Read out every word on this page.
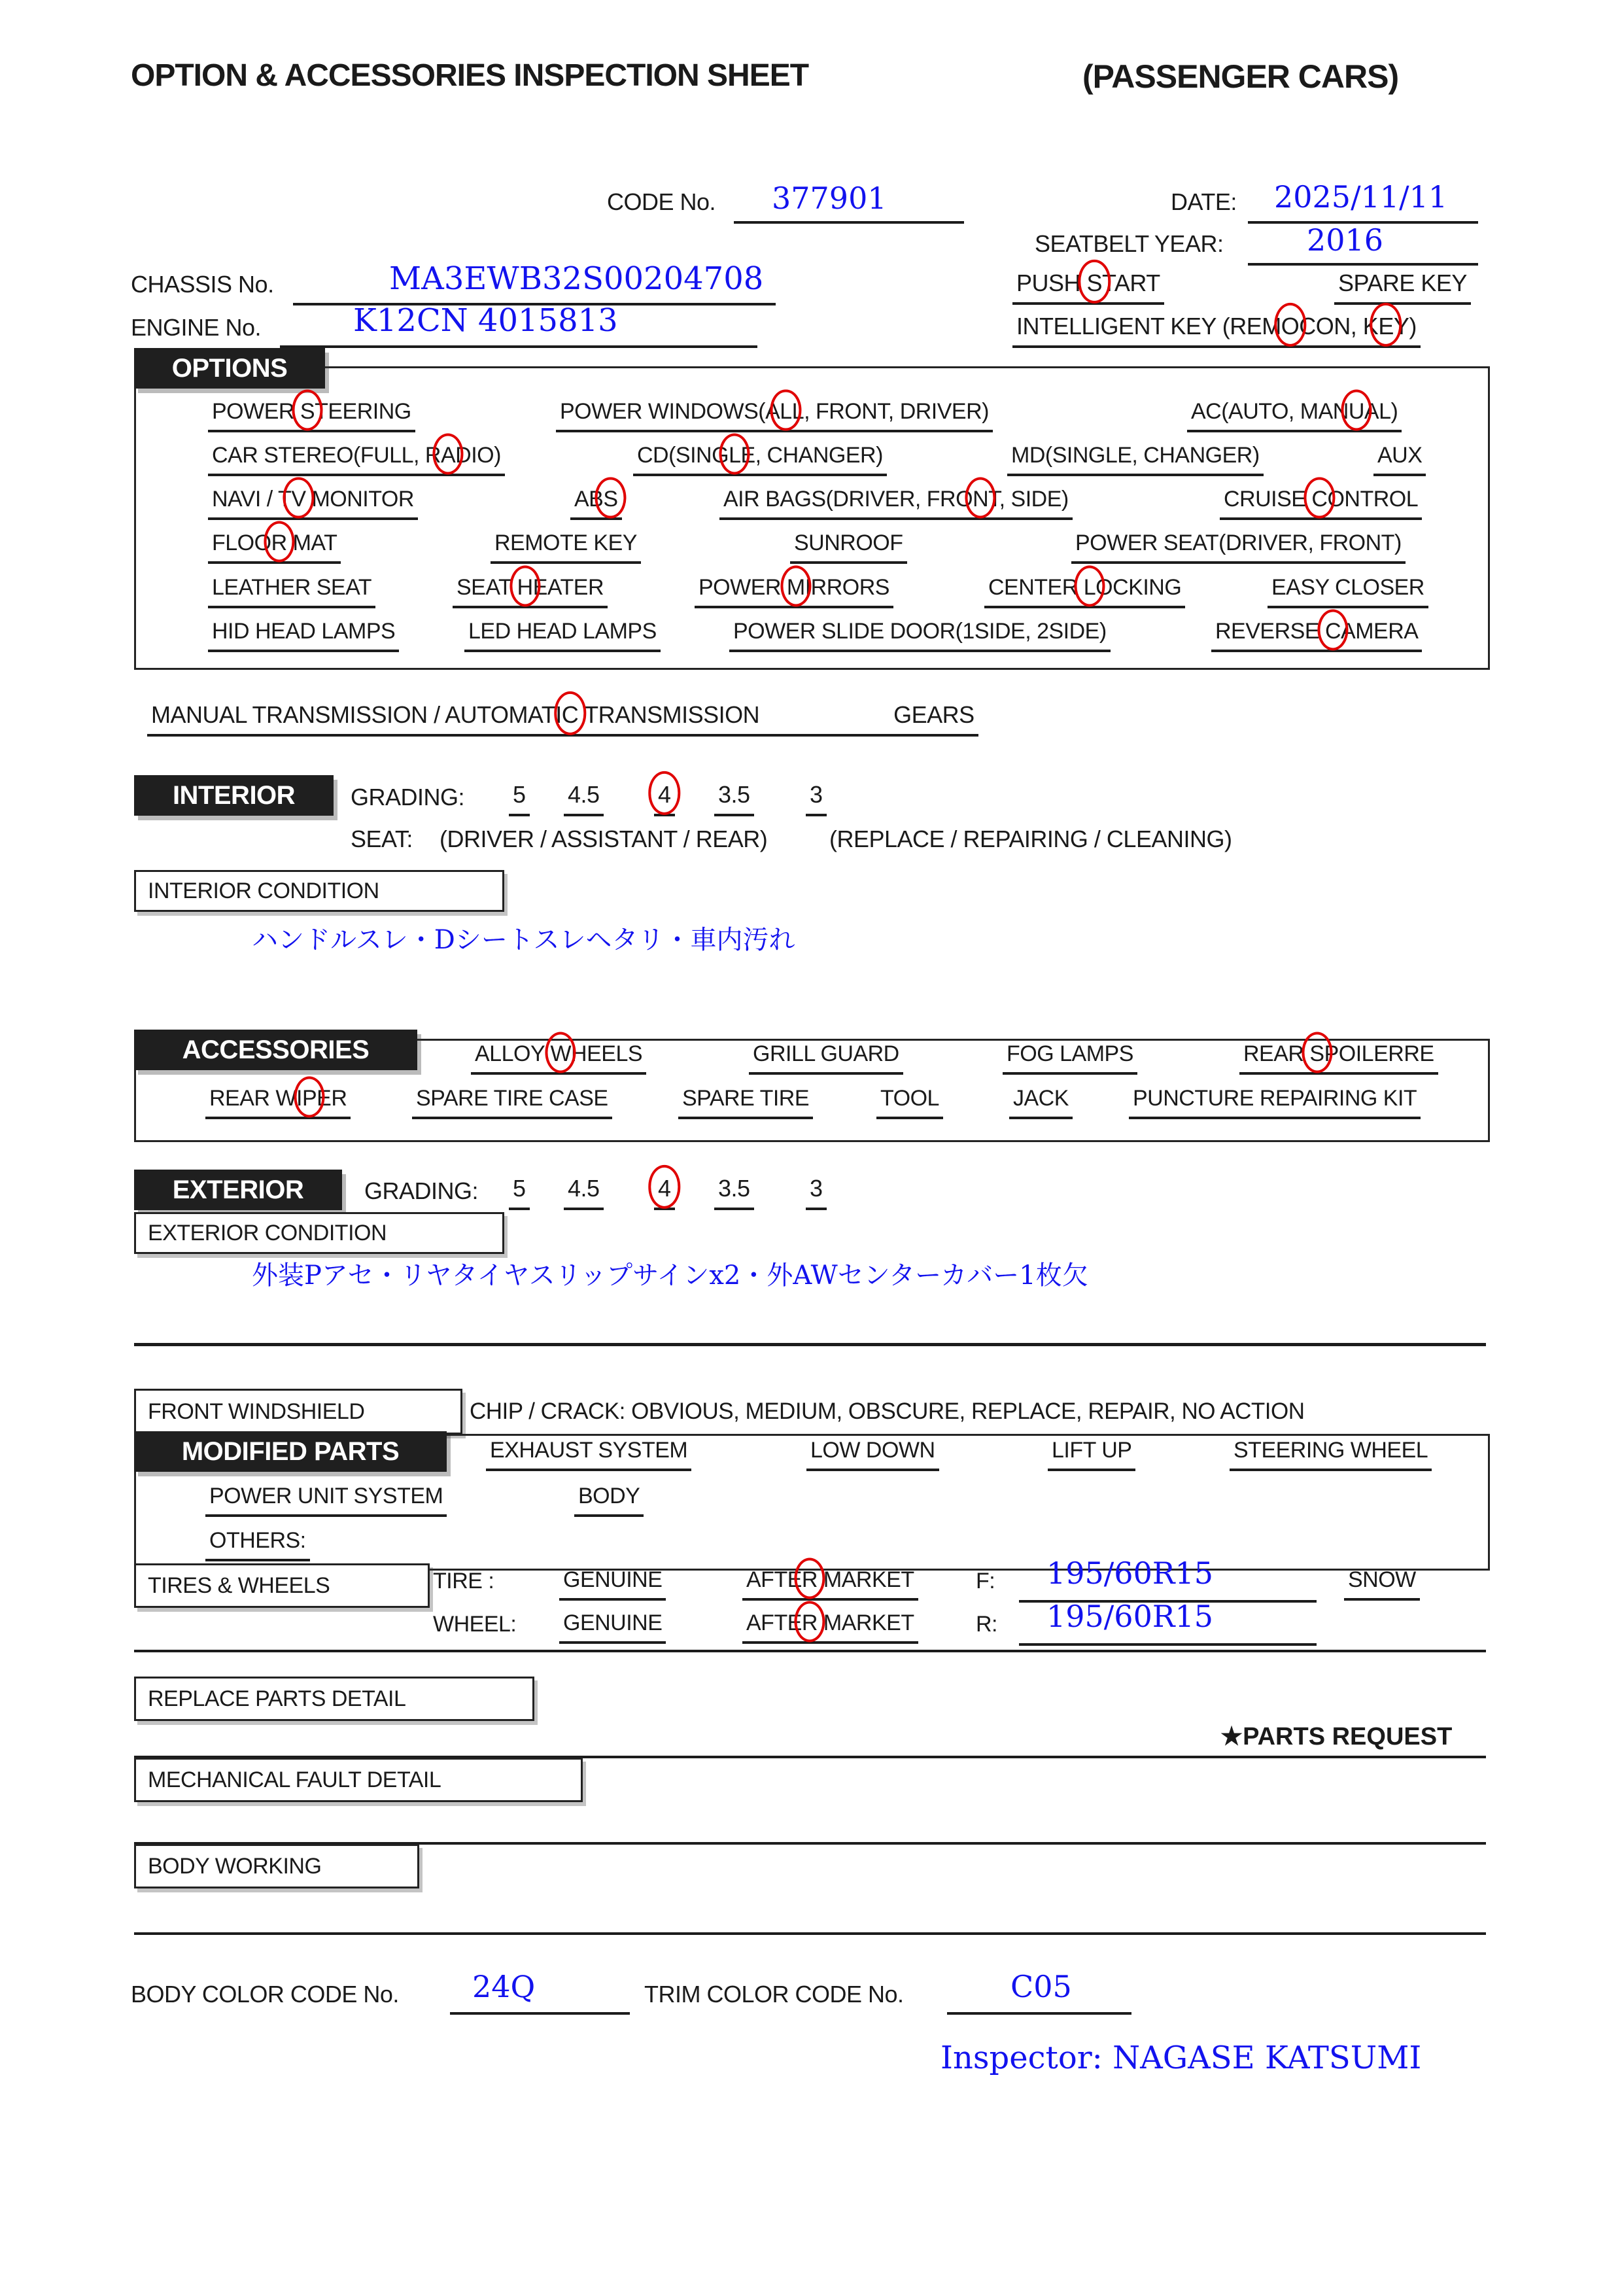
OPTION & ACCESSORIES INSPECTION SHEET	(PASSENGER CARS)
CODE No. 377901	DATE: 2025/11/11
SEATBELT YEAR:	2016
CHASSIS No.	MA3EWB32S00204708	PUSH START	SPARE KEY
ENGINE No.	K12CN 4015813	INTELLIGENT KEY (REMOCON, KEY)
OPTIONS
POWER STEERING	POWER WINDOWS(ALL, FRONT, DRIVER)	AC(AUTO, MANUAL)
CAR STEREO(FULL, RADIO)	CD(SINGLE, CHANGER)	MD(SINGLE, CHANGER)	AUX
NAVI / TV MONITOR	ABS	AIR BAGS(DRIVER, FRONT, SIDE)	CRUISE CONTROL
FLOOR MAT	REMOTE KEY	SUNROOF	POWER SEAT(DRIVER, FRONT)
LEATHER SEAT	SEAT HEATER	POWER MIRRORS	CENTER LOCKING	EASY CLOSER
HID HEAD LAMPS	LED HEAD LAMPS	POWER SLIDE DOOR(1SIDE, 2SIDE)	REVERSE CAMERA
MANUAL TRANSMISSION / AUTOMATIC TRANSMISSION	GEARS
INTERIOR	GRADING: 5 4.5 4 3.5	3
SEAT: (DRIVER / ASSISTANT / REAR)	(REPLACE / REPAIRING / CLEANING)
INTERIOR CONDITION
ハンドルスレ・Dシートスレヘタリ・車内汚れ
ACCESSORIES	ALLOY WHEELS	GRILL GUARD	FOG LAMPS	REAR SPOILERRE
REAR WIPER	SPARE TIRE CASE	SPARE TIRE	TOOL	JACK	PUNCTURE REPAIRING KIT
EXTERIOR	GRADING: 5 4.5 4 3.5	3
EXTERIOR CONDITION
外装Pアセ・リヤタイヤスリップサインx2・外AWセンターカバー1枚欠
FRONT WINDSHIELD	CHIP / CRACK: OBVIOUS, MEDIUM, OBSCURE, REPLACE, REPAIR, NO ACTION
MODIFIED PARTS	EXHAUST SYSTEM	LOW DOWN	LIFT UP	STEERING WHEEL
POWER UNIT SYSTEM	BODY
OTHERS:
TIRES & WHEELS	TIRE :	GENUINE	AFTER MARKET	F: 195/60R15	SNOW
WHEEL: GENUINE	AFTER MARKET	R: 195/60R15
REPLACE PARTS DETAIL
★PARTS REQUEST
MECHANICAL FAULT DETAIL
BODY WORKING
BODY COLOR CODE No. 24Q	TRIM COLOR CODE No.	C05
Inspector: NAGASE KATSUMI
